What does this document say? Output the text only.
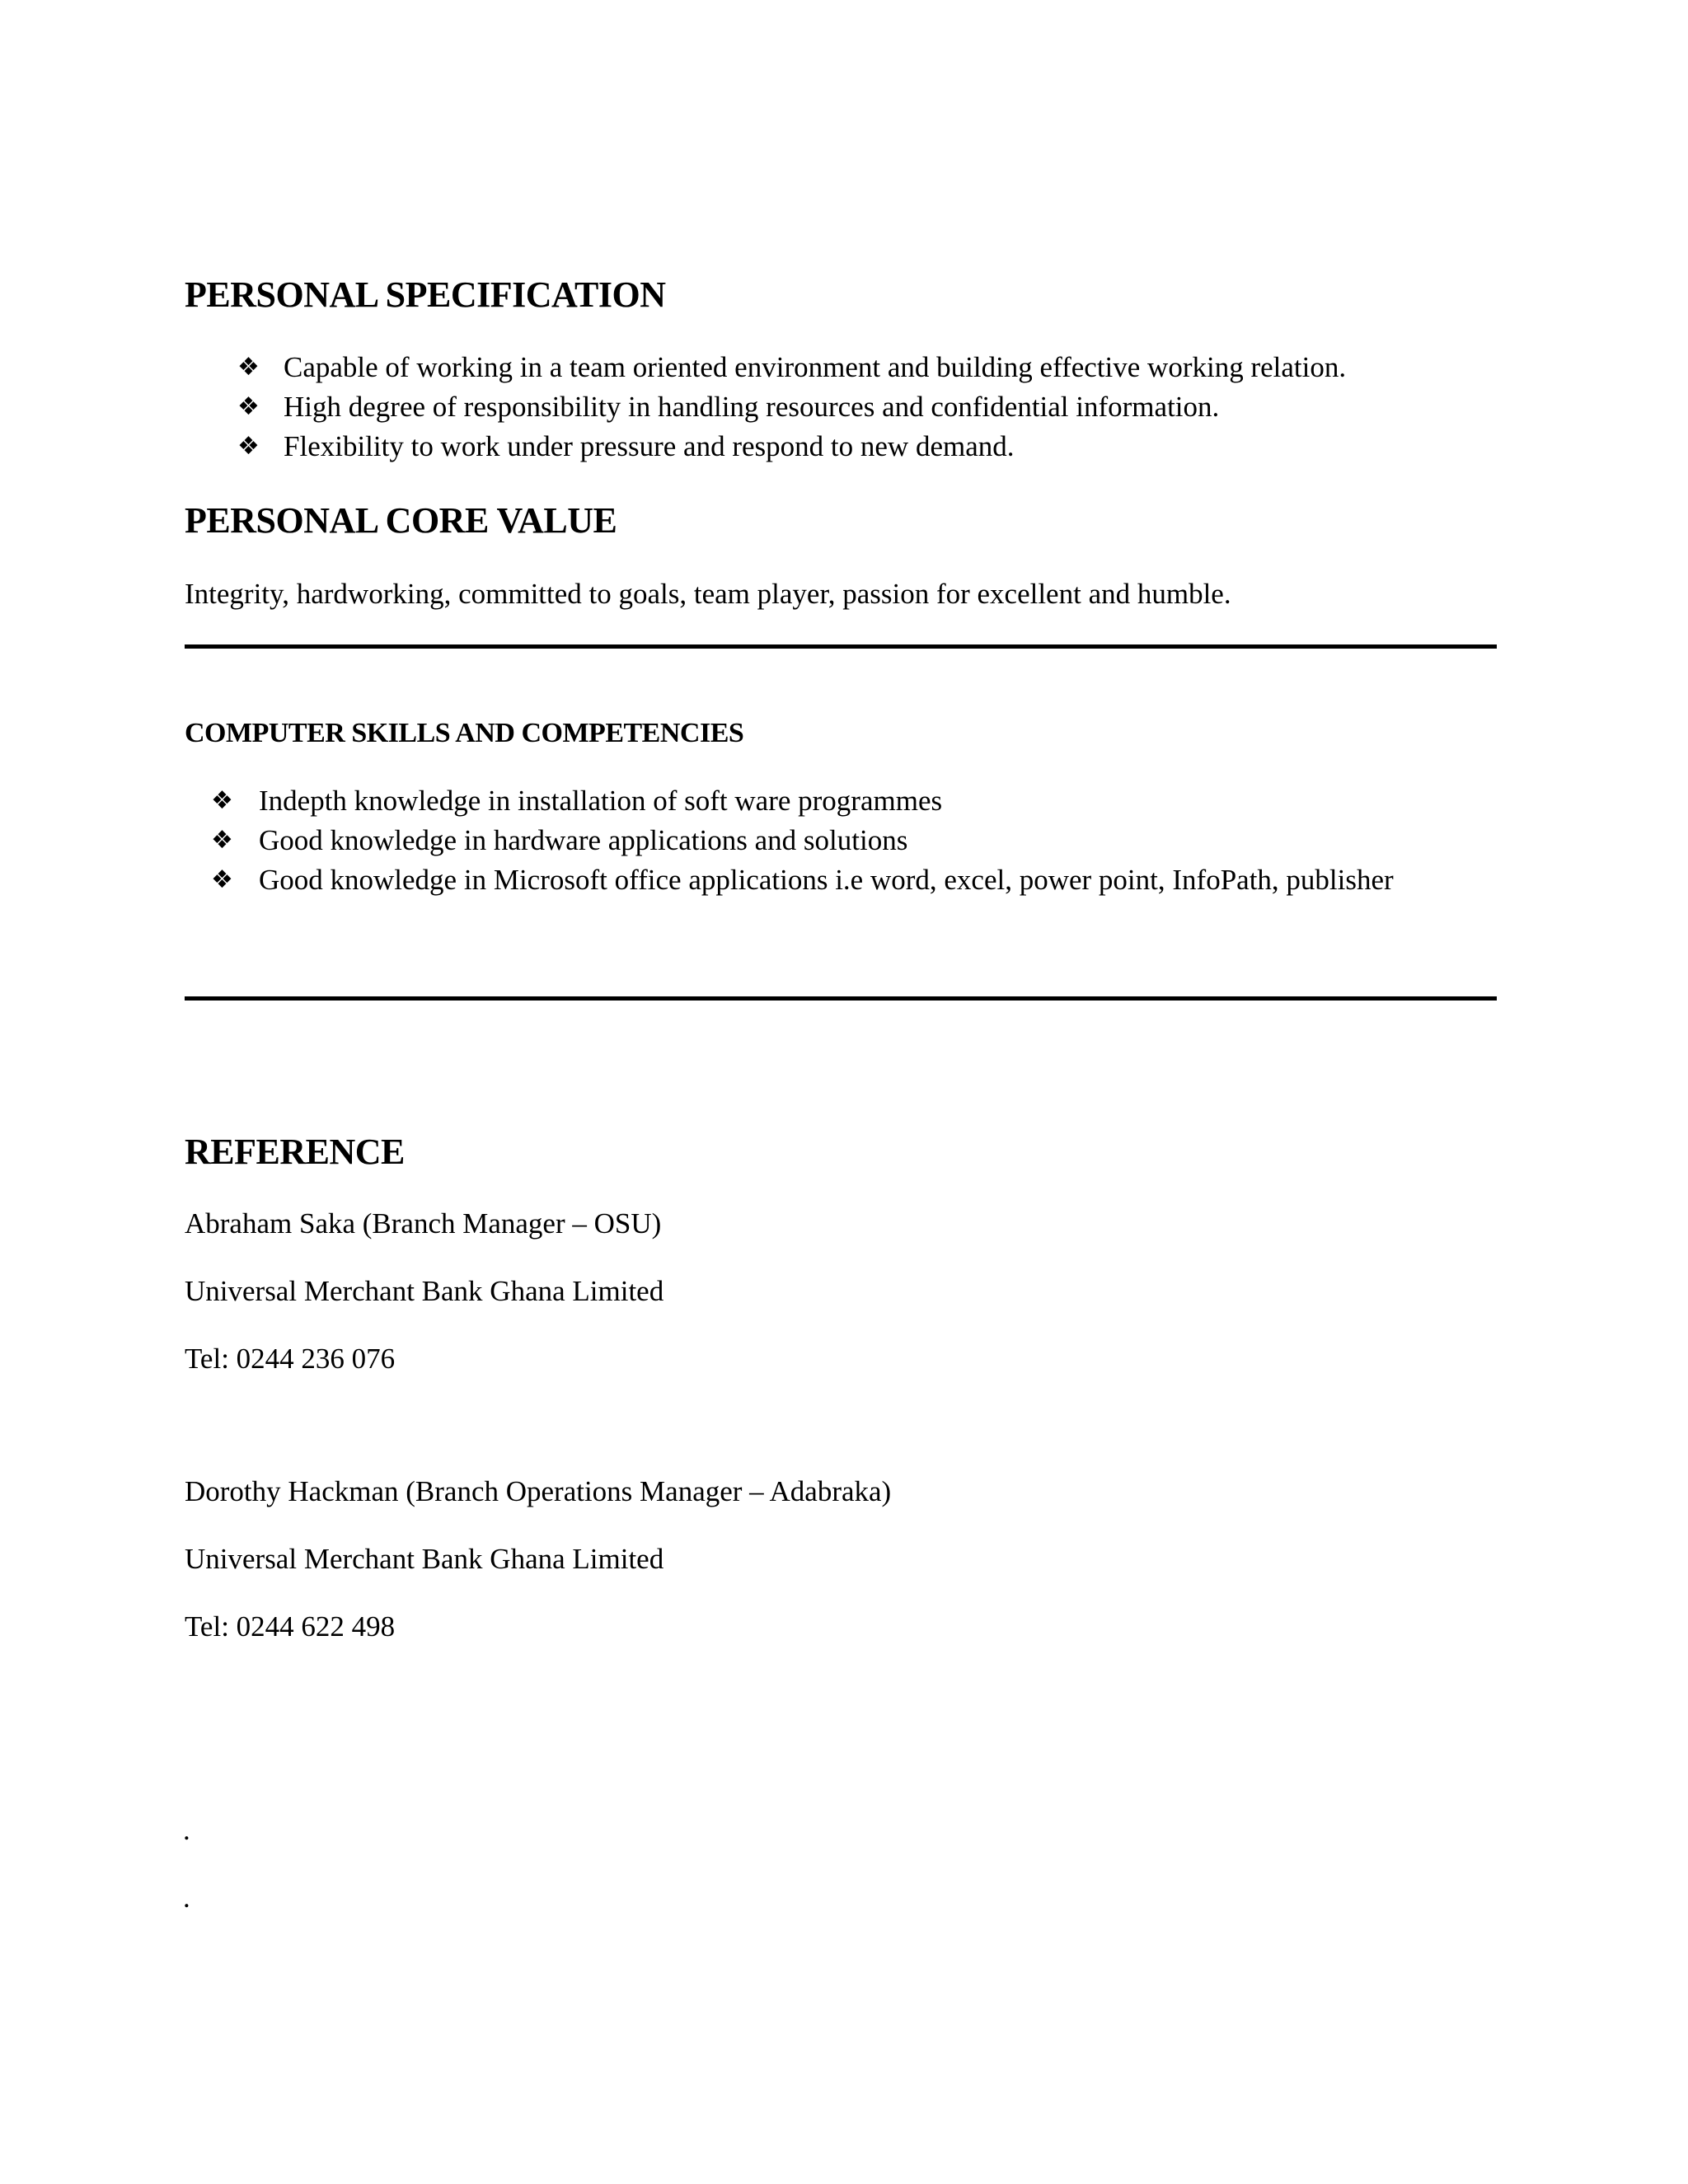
PERSONAL SPECIFICATION
❖ Capable of working in a team oriented environment and building effective working relation.
❖ High degree of responsibility in handling resources and confidential information.
❖ Flexibility to work under pressure and respond to new demand.
PERSONAL CORE VALUE
Integrity, hardworking, committed to goals, team player, passion for excellent and humble.
COMPUTER SKILLS AND COMPETENCIES
❖ Indepth knowledge in installation of soft ware programmes
❖ Good knowledge in hardware applications and solutions
❖ Good knowledge in Microsoft office applications i.e word, excel, power point, InfoPath, publisher
REFERENCE
Abraham Saka (Branch Manager – OSU)
Universal Merchant Bank Ghana Limited
Tel: 0244 236 076
Dorothy Hackman (Branch Operations Manager – Adabraka)
Universal Merchant Bank Ghana Limited
Tel: 0244 622 498
.
.
